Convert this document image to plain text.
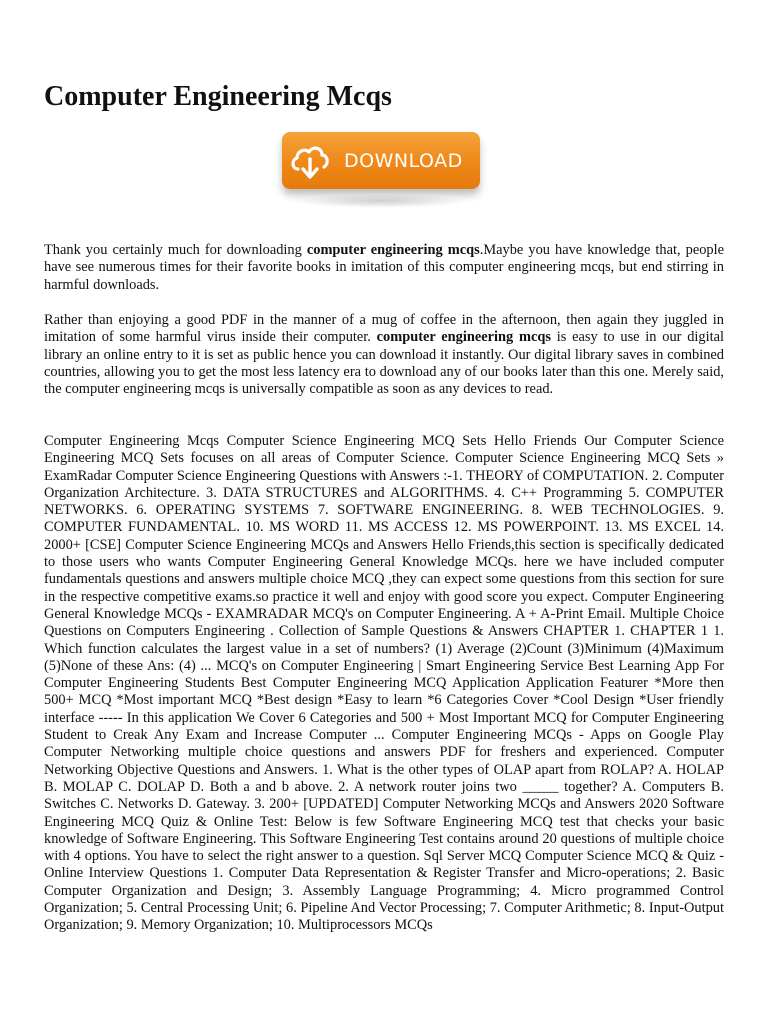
Computer Engineering Mcqs
DOWNLOAD

Thank you certainly much for downloading computer engineering mcqs.Maybe you have knowledge that, people have see numerous times for their favorite books in imitation of this computer engineering mcqs, but end stirring in harmful downloads.

Rather than enjoying a good PDF in the manner of a mug of coffee in the afternoon, then again they juggled in imitation of some harmful virus inside their computer. computer engineering mcqs is easy to use in our digital library an online entry to it is set as public hence you can download it instantly. Our digital library saves in combined countries, allowing you to get the most less latency era to download any of our books later than this one. Merely said, the computer engineering mcqs is universally compatible as soon as any devices to read.

Computer Engineering Mcqs Computer Science Engineering MCQ Sets Hello Friends Our Computer Science Engineering MCQ Sets focuses on all areas of Computer Science. Computer Science Engineering MCQ Sets » ExamRadar Computer Science Engineering Questions with Answers :-1. THEORY of COMPUTATION. 2. Computer Organization Architecture. 3. DATA STRUCTURES and ALGORITHMS. 4. C++ Programming 5. COMPUTER NETWORKS. 6. OPERATING SYSTEMS 7. SOFTWARE ENGINEERING. 8. WEB TECHNOLOGIES. 9. COMPUTER FUNDAMENTAL. 10. MS WORD 11. MS ACCESS 12. MS POWERPOINT. 13. MS EXCEL 14. 2000+ [CSE] Computer Science Engineering MCQs and Answers Hello Friends,this section is specifically dedicated to those users who wants Computer Engineering General Knowledge MCQs. here we have included computer fundamentals questions and answers multiple choice MCQ ,they can expect some questions from this section for sure in the respective competitive exams.so practice it well and enjoy with good score you expect. Computer Engineering General Knowledge MCQs - EXAMRADAR MCQ's on Computer Engineering. A + A-Print Email. Multiple Choice Questions on Computers Engineering . Collection of Sample Questions & Answers CHAPTER 1. CHAPTER 1 1. Which function calculates the largest value in a set of numbers? (1) Average (2)Count (3)Minimum (4)Maximum (5)None of these Ans: (4) ... MCQ's on Computer Engineering | Smart Engineering Service Best Learning App For Computer Engineering Students Best Computer Engineering MCQ Application Application Featurer *More then 500+ MCQ *Most important MCQ *Best design *Easy to learn *6 Categories Cover *Cool Design *User friendly interface ----- In this application We Cover 6 Categories and 500 + Most Important MCQ for Computer Engineering Student to Creak Any Exam and Increase Computer ... Computer Engineering MCQs - Apps on Google Play Computer Networking multiple choice questions and answers PDF for freshers and experienced. Computer Networking Objective Questions and Answers. 1. What is the other types of OLAP apart from ROLAP? A. HOLAP B. MOLAP C. DOLAP D. Both a and b above. 2. A network router joins two _____ together? A. Computers B. Switches C. Networks D. Gateway. 3. 200+ [UPDATED] Computer Networking MCQs and Answers 2020 Software Engineering MCQ Quiz & Online Test: Below is few Software Engineering MCQ test that checks your basic knowledge of Software Engineering. This Software Engineering Test contains around 20 questions of multiple choice with 4 options. You have to select the right answer to a question. Sql Server MCQ Computer Science MCQ & Quiz - Online Interview Questions 1. Computer Data Representation & Register Transfer and Micro-operations; 2. Basic Computer Organization and Design; 3. Assembly Language Programming; 4. Micro programmed Control Organization; 5. Central Processing Unit; 6. Pipeline And Vector Processing; 7. Computer Arithmetic; 8. Input-Output Organization; 9. Memory Organization; 10. Multiprocessors MCQs
